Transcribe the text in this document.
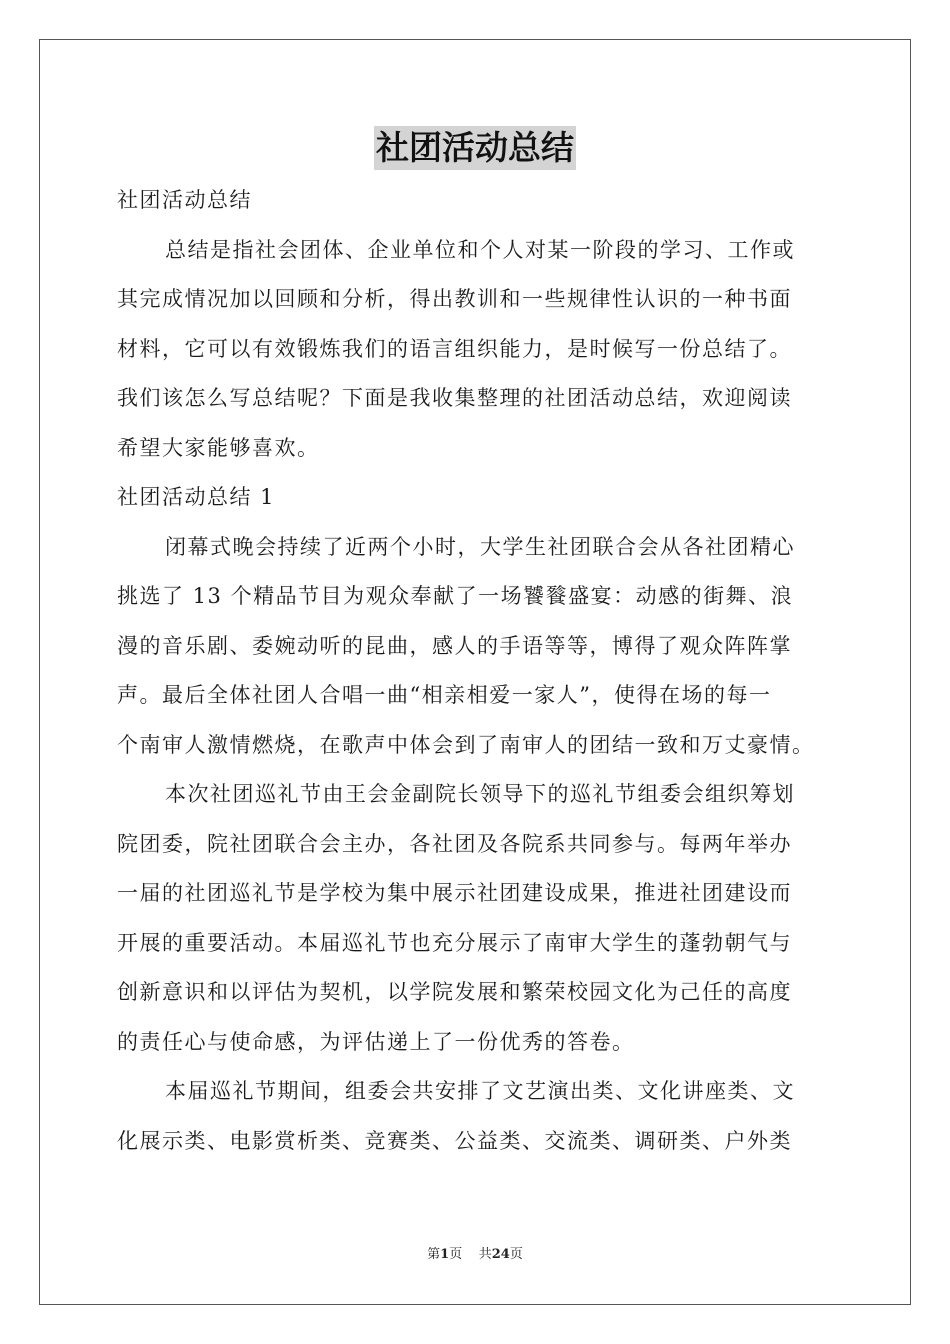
社团活动总结

社团活动总结

总结是指社会团体、企业单位和个人对某一阶段的学习、工作或

其完成情况加以回顾和分析，得出教训和一些规律性认识的一种书面

材料，它可以有效锻炼我们的语言组织能力，是时候写一份总结了。

我们该怎么写总结呢？下面是我收集整理的社团活动总结，欢迎阅读

希望大家能够喜欢。

社团活动总结 1

闭幕式晚会持续了近两个小时，大学生社团联合会从各社团精心

挑选了 13 个精品节目为观众奉献了一场饕餮盛宴：动感的街舞、浪

漫的音乐剧、委婉动听的昆曲，感人的手语等等，博得了观众阵阵掌

声。最后全体社团人合唱一曲“相亲相爱一家人”，使得在场的每一

个南审人激情燃烧，在歌声中体会到了南审人的团结一致和万丈豪情。

本次社团巡礼节由王会金副院长领导下的巡礼节组委会组织筹划

院团委，院社团联合会主办，各社团及各院系共同参与。每两年举办

一届的社团巡礼节是学校为集中展示社团建设成果，推进社团建设而

开展的重要活动。本届巡礼节也充分展示了南审大学生的蓬勃朝气与

创新意识和以评估为契机，以学院发展和繁荣校园文化为己任的高度

的责任心与使命感，为评估递上了一份优秀的答卷。

本届巡礼节期间，组委会共安排了文艺演出类、文化讲座类、文

化展示类、电影赏析类、竞赛类、公益类、交流类、调研类、户外类

第1页 共24页
